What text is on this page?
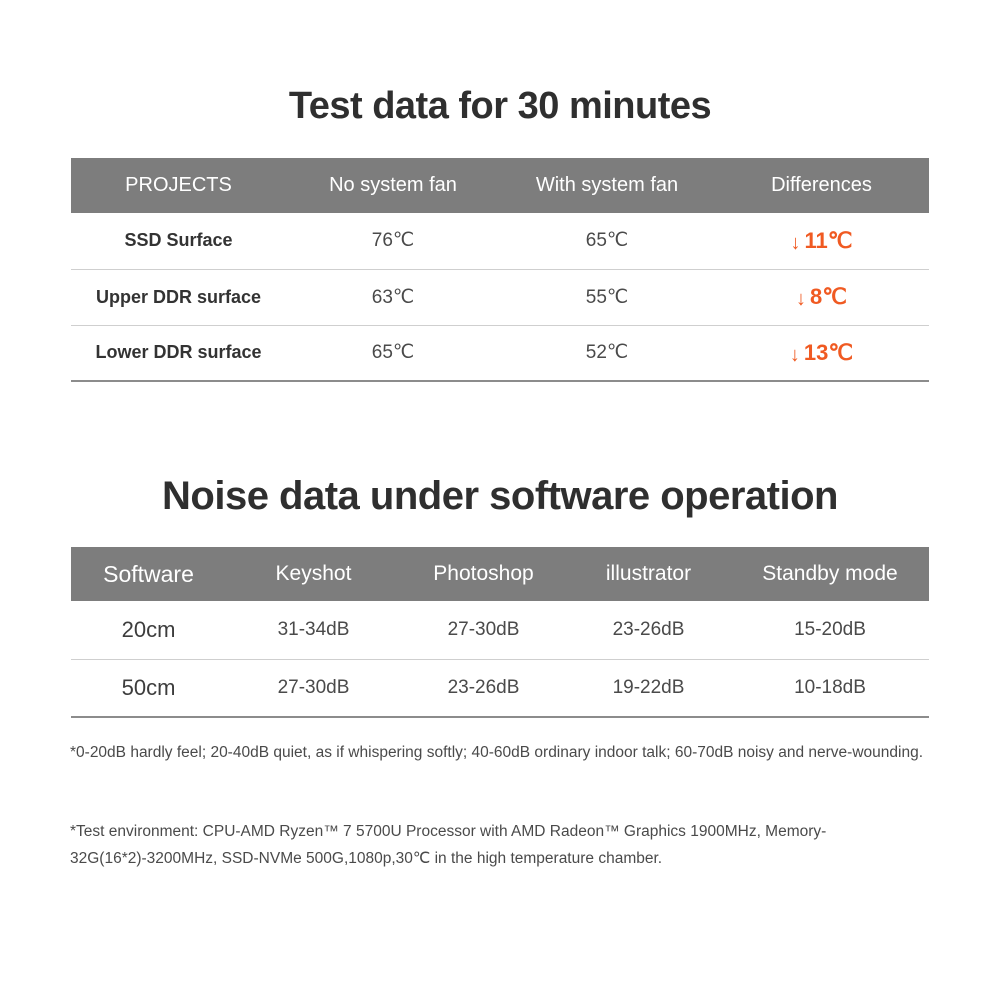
Test data for 30 minutes
PROJECTS	No system fan	With system fan	Differences
SSD Surface	76℃	65℃	↓ 11℃
Upper DDR surface	63℃	55℃	↓ 8℃
Lower DDR surface	65℃	52℃	↓ 13℃
Noise data under software operation
Software	Keyshot	Photoshop	illustrator	Standby mode
20cm	31-34dB	27-30dB	23-26dB	15-20dB
50cm	27-30dB	23-26dB	19-22dB	10-18dB

*0-20dB hardly feel; 20-40dB quiet, as if whispering softly; 40-60dB ordinary indoor talk; 60-70dB noisy and nerve-wounding.

*Test environment: CPU-AMD Ryzen™ 7 5700U Processor with AMD Radeon™ Graphics 1900MHz, Memory-32G(16*2)-3200MHz, SSD-NVMe 500G,1080p,30℃ in the high temperature chamber.
